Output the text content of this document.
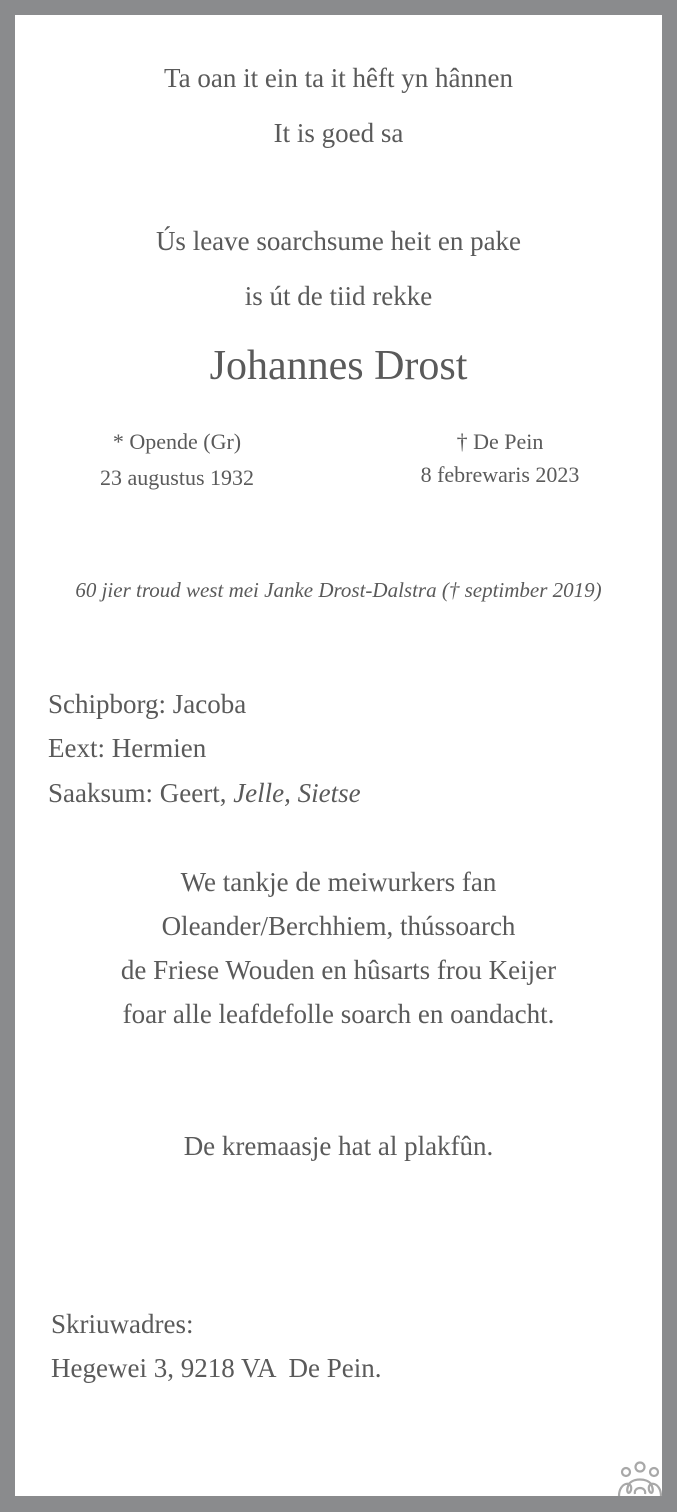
Ta oan it ein ta it hêft yn hânnen
It is goed sa
Ús leave soarchsume heit en pake
is út de tiid rekke
Johannes Drost
* Opende (Gr)
23 augustus 1932
† De Pein
8 febrewaris 2023
60 jier troud west mei Janke Drost-Dalstra († septimber 2019)
Schipborg: Jacoba
Eext: Hermien
Saaksum: Geert, Jelle, Sietse
We tankje de meiwurkers fan
Oleander/Berchhiem, thússoarch
de Friese Wouden en hûsarts frou Keijer
foar alle leafdefolle soarch en oandacht.
De kremaasje hat al plakfûn.
Skriuwadres:
Hegewei 3, 9218 VA  De Pein.
